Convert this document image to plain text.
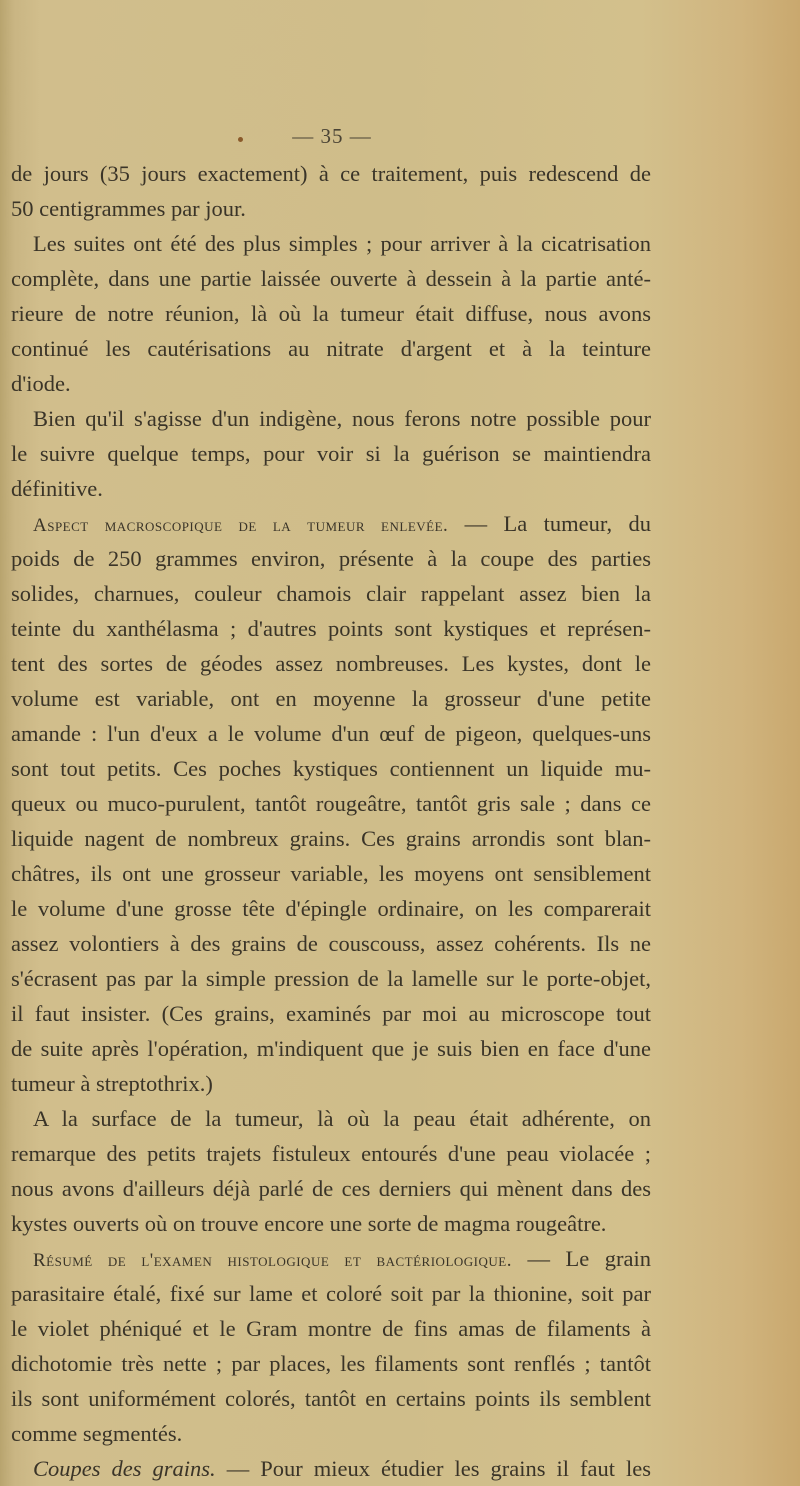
— 35 —
de jours (35 jours exactement) à ce traitement, puis redescend de
50 centigrammes par jour.
Les suites ont été des plus simples ; pour arriver à la cicatrisation
complète, dans une partie laissée ouverte à dessein à la partie anté-
rieure de notre réunion, là où la tumeur était diffuse, nous avons
continué les cautérisations au nitrate d'argent et à la teinture
d'iode.
Bien qu'il s'agisse d'un indigène, nous ferons notre possible pour
le suivre quelque temps, pour voir si la guérison se maintiendra
définitive.
Aspect macroscopique de la tumeur enlevée. — La tumeur, du
poids de 250 grammes environ, présente à la coupe des parties
solides, charnues, couleur chamois clair rappelant assez bien la
teinte du xanthélasma ; d'autres points sont kystiques et représen-
tent des sortes de géodes assez nombreuses. Les kystes, dont le
volume est variable, ont en moyenne la grosseur d'une petite
amande : l'un d'eux a le volume d'un œuf de pigeon, quelques-uns
sont tout petits. Ces poches kystiques contiennent un liquide mu-
queux ou muco-purulent, tantôt rougeâtre, tantôt gris sale ; dans ce
liquide nagent de nombreux grains. Ces grains arrondis sont blan-
châtres, ils ont une grosseur variable, les moyens ont sensiblement
le volume d'une grosse tête d'épingle ordinaire, on les comparerait
assez volontiers à des grains de couscouss, assez cohérents. Ils ne
s'écrasent pas par la simple pression de la lamelle sur le porte-objet,
il faut insister. (Ces grains, examinés par moi au microscope tout
de suite après l'opération, m'indiquent que je suis bien en face d'une
tumeur à streptothrix.)
A la surface de la tumeur, là où la peau était adhérente, on
remarque des petits trajets fistuleux entourés d'une peau violacée ;
nous avons d'ailleurs déjà parlé de ces derniers qui mènent dans des
kystes ouverts où on trouve encore une sorte de magma rougeâtre.
Résumé de l'examen histologique et bactériologique. — Le grain
parasitaire étalé, fixé sur lame et coloré soit par la thionine, soit par
le violet phéniqué et le Gram montre de fins amas de filaments à
dichotomie très nette ; par places, les filaments sont renflés ; tantôt
ils sont uniformément colorés, tantôt en certains points ils semblent
comme segmentés.
Coupes des grains. — Pour mieux étudier les grains il faut les
